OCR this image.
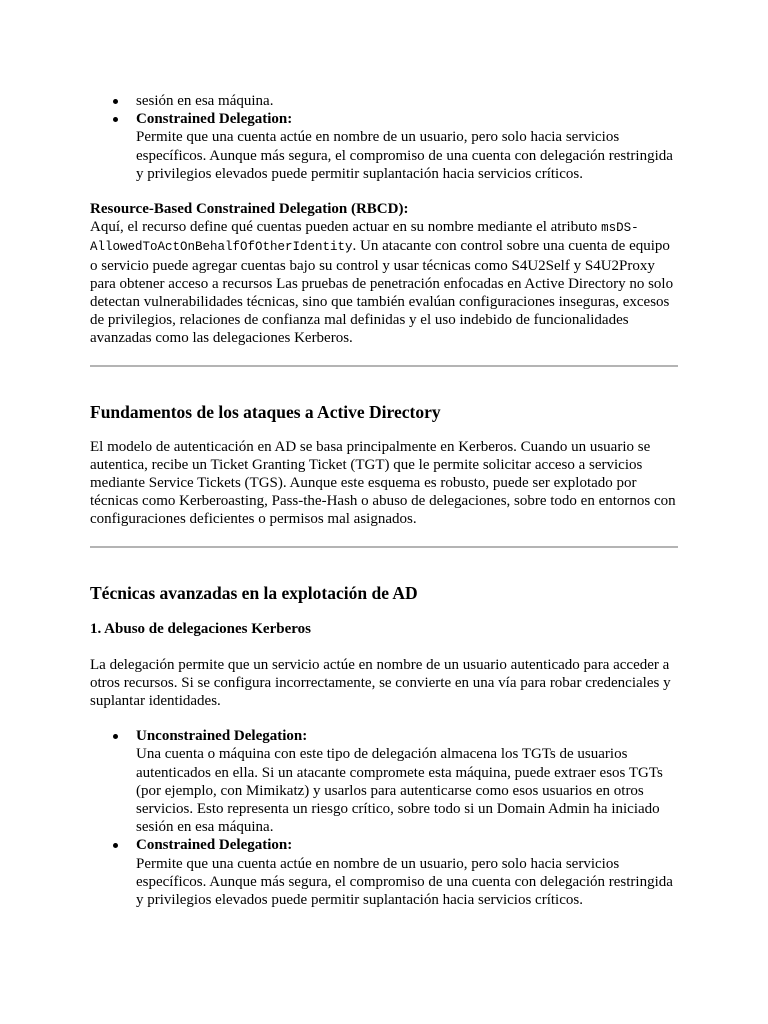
sesión en esa máquina.
Constrained Delegation:
Permite que una cuenta actúe en nombre de un usuario, pero solo hacia servicios específicos. Aunque más segura, el compromiso de una cuenta con delegación restringida y privilegios elevados puede permitir suplantación hacia servicios críticos.

Resource-Based Constrained Delegation (RBCD):
Aquí, el recurso define qué cuentas pueden actuar en su nombre mediante el atributo msDS-AllowedToActOnBehalfOfOtherIdentity. Un atacante con control sobre una cuenta de equipo o servicio puede agregar cuentas bajo su control y usar técnicas como S4U2Self y S4U2Proxy para obtener acceso a recursos Las pruebas de penetración enfocadas en Active Directory no solo detectan vulnerabilidades técnicas, sino que también evalúan configuraciones inseguras, excesos de privilegios, relaciones de confianza mal definidas y el uso indebido de funcionalidades avanzadas como las delegaciones Kerberos.

Fundamentos de los ataques a Active Directory

El modelo de autenticación en AD se basa principalmente en Kerberos. Cuando un usuario se autentica, recibe un Ticket Granting Ticket (TGT) que le permite solicitar acceso a servicios mediante Service Tickets (TGS). Aunque este esquema es robusto, puede ser explotado por técnicas como Kerberoasting, Pass-the-Hash o abuso de delegaciones, sobre todo en entornos con configuraciones deficientes o permisos mal asignados.

Técnicas avanzadas en la explotación de AD
1. Abuso de delegaciones Kerberos

La delegación permite que un servicio actúe en nombre de un usuario autenticado para acceder a otros recursos. Si se configura incorrectamente, se convierte en una vía para robar credenciales y suplantar identidades.

Unconstrained Delegation:
Una cuenta o máquina con este tipo de delegación almacena los TGTs de usuarios autenticados en ella. Si un atacante compromete esta máquina, puede extraer esos TGTs (por ejemplo, con Mimikatz) y usarlos para autenticarse como esos usuarios en otros servicios. Esto representa un riesgo crítico, sobre todo si un Domain Admin ha iniciado sesión en esa máquina.
Constrained Delegation:
Permite que una cuenta actúe en nombre de un usuario, pero solo hacia servicios específicos. Aunque más segura, el compromiso de una cuenta con delegación restringida y privilegios elevados puede permitir suplantación hacia servicios críticos.
